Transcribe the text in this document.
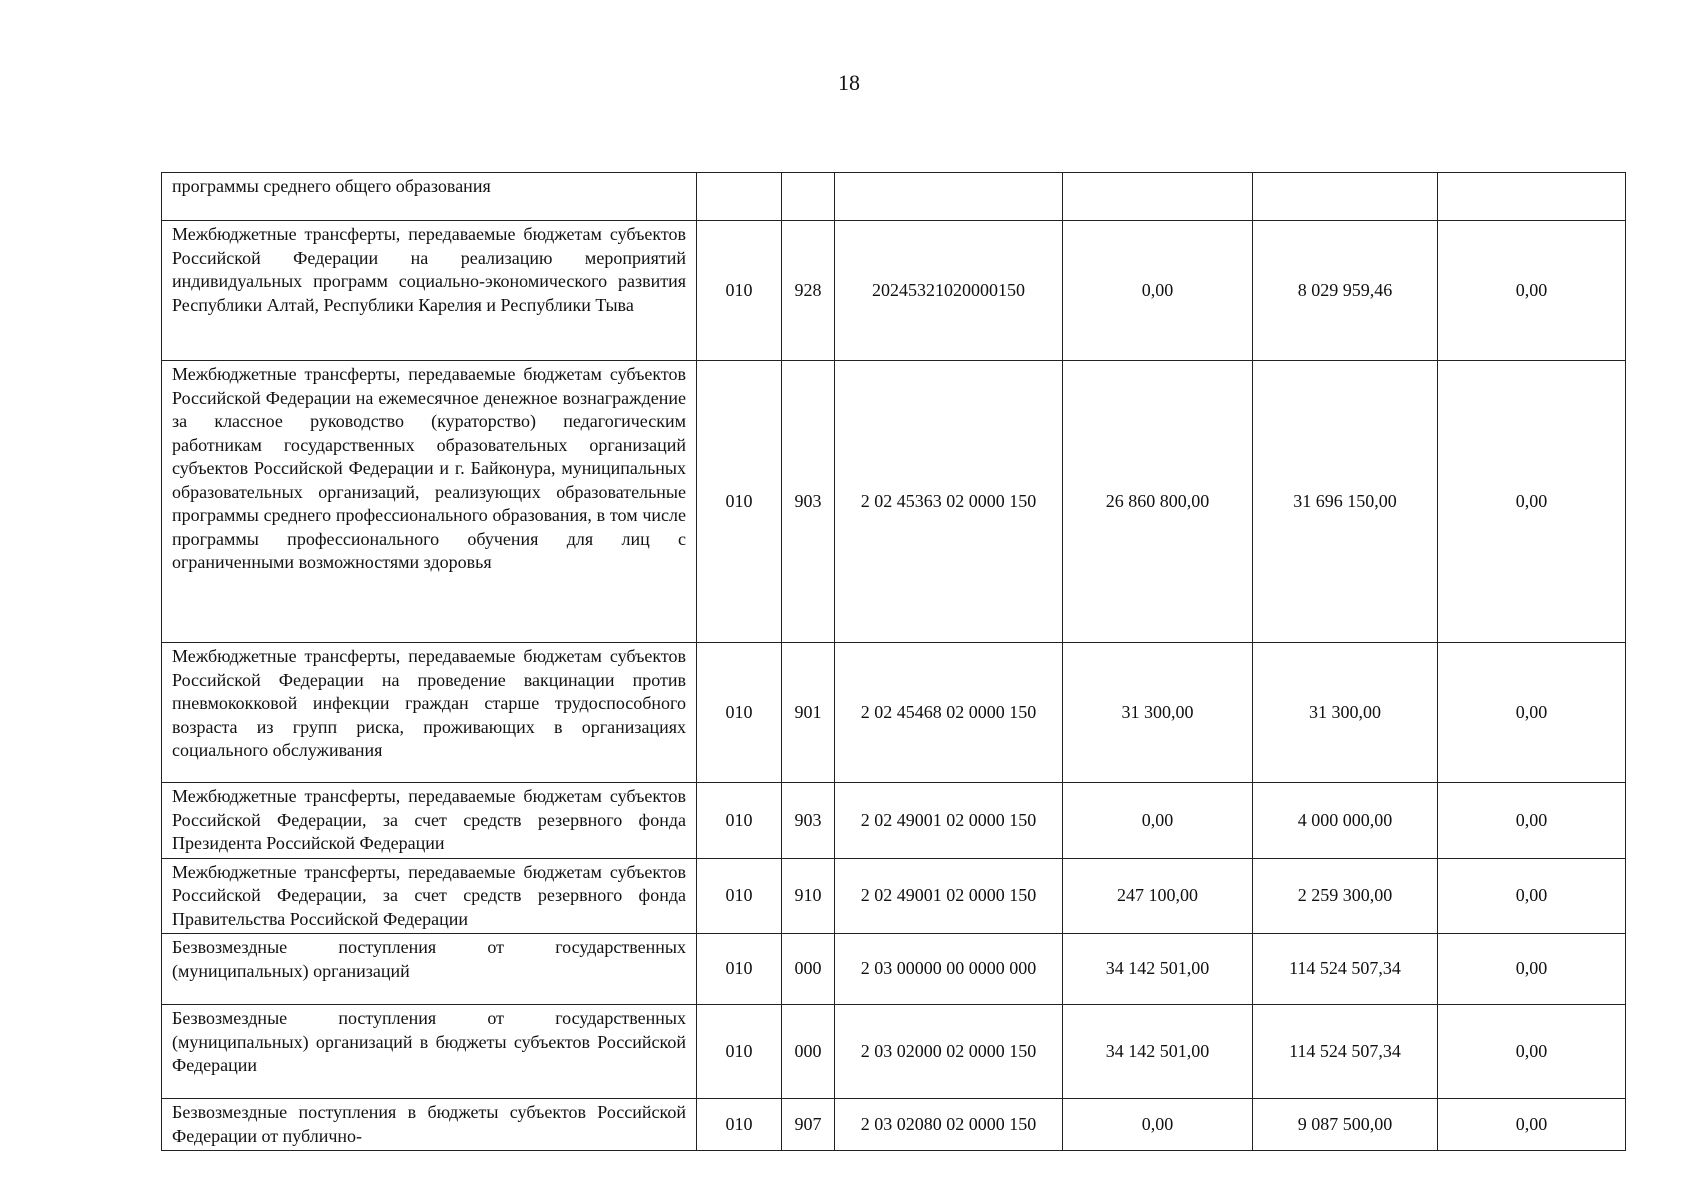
18
программы среднего общего образования						
Межбюджетные трансферты, передаваемые бюджетам субъектов Российской Федерации на реализацию мероприятий индивидуальных программ социально-экономического развития Республики Алтай, Республики Карелия и Республики Тыва	010	928	20245321020000150	0,00	8 029 959,46	0,00
Межбюджетные трансферты, передаваемые бюджетам субъектов Российской Федерации на ежемесячное денежное вознаграждение за классное руководство (кураторство) педагогическим работникам государственных образовательных организаций субъектов Российской Федерации и г. Байконура, муниципальных образовательных организаций, реализующих образовательные программы среднего профессионального образования, в том числе программы профессионального обучения для лиц с ограниченными возможностями здоровья	010	903	2 02 45363 02 0000 150	26 860 800,00	31 696 150,00	0,00
Межбюджетные трансферты, передаваемые бюджетам субъектов Российской Федерации на проведение вакцинации против пневмококковой инфекции граждан старше трудоспособного возраста из групп риска, проживающих в организациях социального обслуживания	010	901	2 02 45468 02 0000 150	31 300,00	31 300,00	0,00
Межбюджетные трансферты, передаваемые бюджетам субъектов Российской Федерации, за счет средств резервного фонда Президента Российской Федерации	010	903	2 02 49001 02 0000 150	0,00	4 000 000,00	0,00
Межбюджетные трансферты, передаваемые бюджетам субъектов Российской Федерации, за счет средств резервного фонда Правительства Российской Федерации	010	910	2 02 49001 02 0000 150	247 100,00	2 259 300,00	0,00
Безвозмездные поступления от государственных (муниципальных) организаций	010	000	2 03 00000 00 0000 000	34 142 501,00	114 524 507,34	0,00
Безвозмездные поступления от государственных (муниципальных) организаций в бюджеты субъектов Российской Федерации	010	000	2 03 02000 02 0000 150	34 142 501,00	114 524 507,34	0,00
Безвозмездные поступления в бюджеты субъектов Российской Федерации от публично-	010	907	2 03 02080 02 0000 150	0,00	9 087 500,00	0,00
